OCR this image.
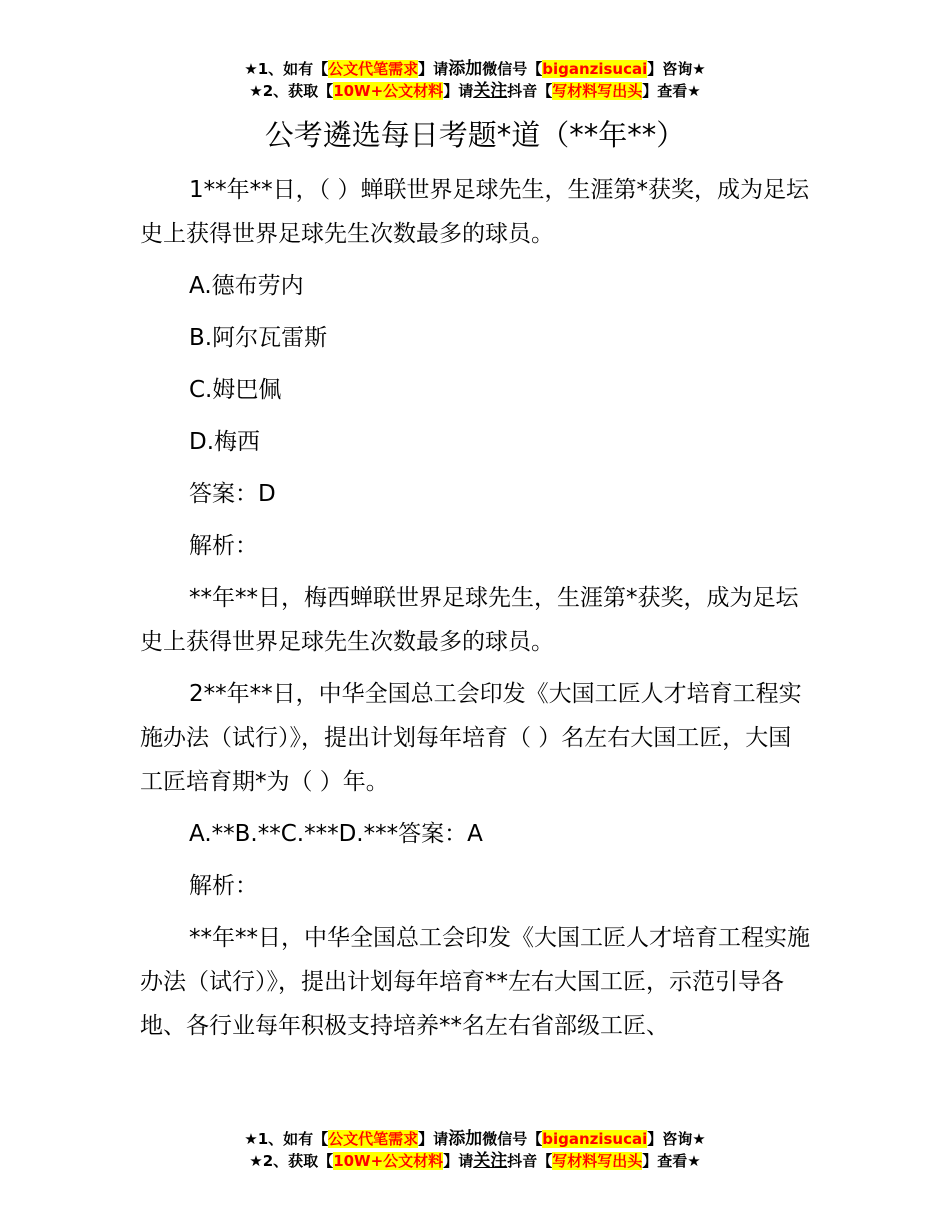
★1、如有【公文代笔需求】请添加微信号【biganzisucai】咨询★
★2、获取【10W+公文材料】请关注抖音【写材料写出头】查看★
公考遴选每日考题*道（**年**）

1**年**日，（ ）蝉联世界足球先生，生涯第*获奖，成为足坛史上获得世界足球先生次数最多的球员。

A.德布劳内

B.阿尔瓦雷斯

C.姆巴佩

D.梅西

答案：D

解析：

**年**日，梅西蝉联世界足球先生，生涯第*获奖，成为足坛史上获得世界足球先生次数最多的球员。

2**年**日，中华全国总工会印发《大国工匠人才培育工程实施办法（试行）》，提出计划每年培育（ ）名左右大国工匠，大国工匠培育期*为（ ）年。

A.**B.**C.***D.***答案：A

解析：

**年**日，中华全国总工会印发《大国工匠人才培育工程实施办法（试行）》，提出计划每年培育**左右大国工匠，示范引导各地、各行业每年积极支持培养**名左右省部级工匠、

★1、如有【公文代笔需求】请添加微信号【biganzisucai】咨询★
★2、获取【10W+公文材料】请关注抖音【写材料写出头】查看★
